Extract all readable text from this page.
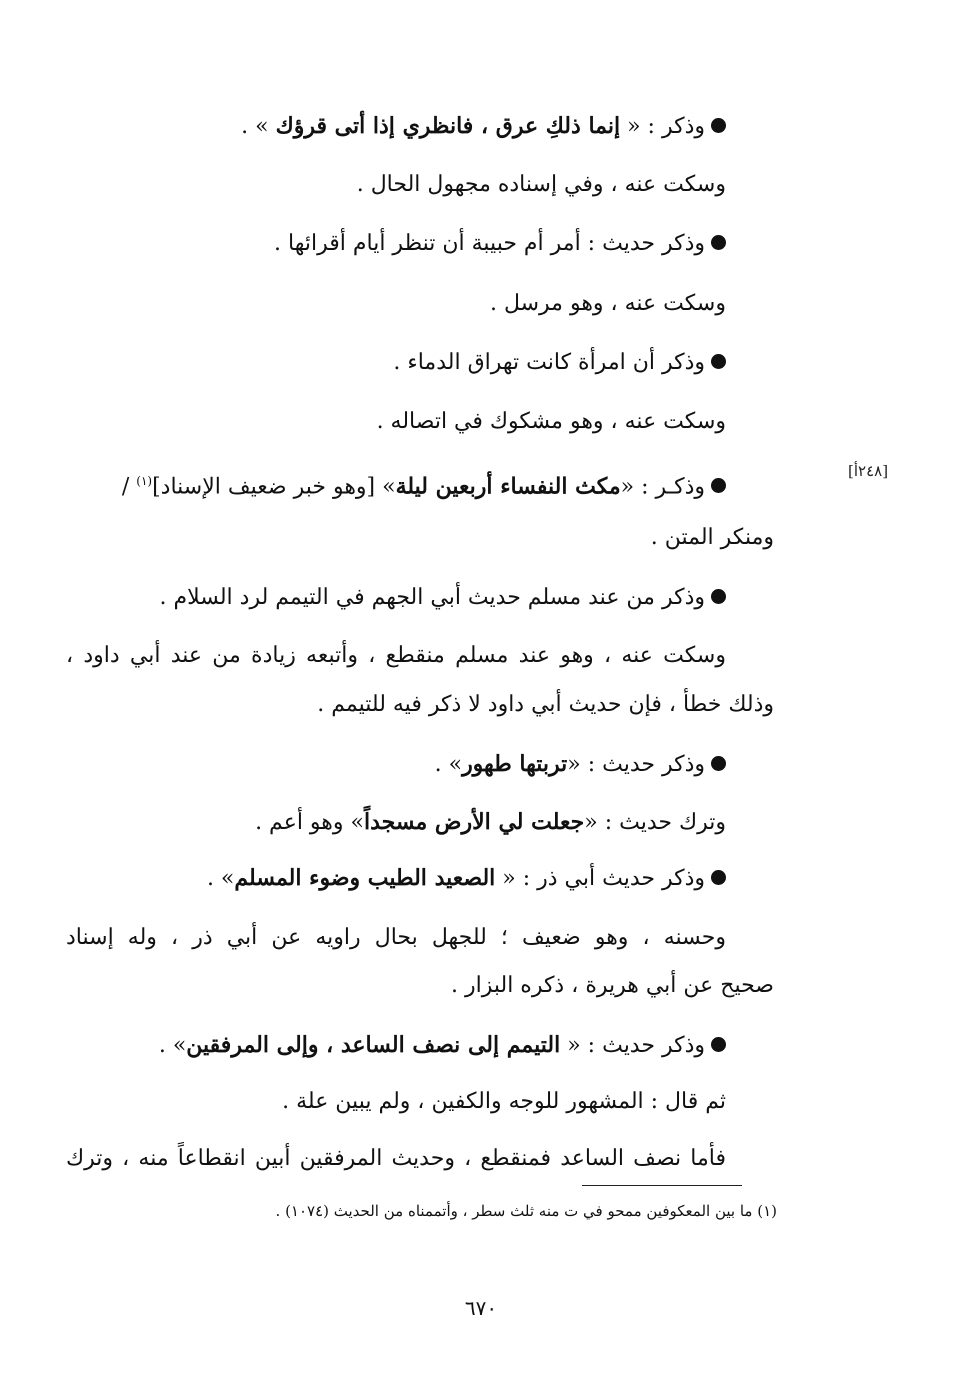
[٢٤٨أ]
وذكر : « إنما ذلكِ عرق ، فانظري إذا أتى قرؤك » .
وسكت عنه ، وفي إسناده مجهول الحال .
وذكر حديث : أمر أم حبيبة أن تنظر أيام أقرائها .
وسكت عنه ، وهو مرسل .
وذكر أن امرأة كانت تهراق الدماء .
وسكت عنه ، وهو مشكوك في اتصاله .
وذكـر : «مكث النفساء أربعين ليلة» [وهو خبر ضعيف الإسناد]$^{(١)}$ /
ومنكر المتن .
وذكر من عند مسلم حديث أبي الجهم في التيمم لرد السلام .
وسكت عنه ، وهو عند مسلم منقطع ، وأتبعه زيادة من عند أبي داود ،
وذلك خطأ ، فإن حديث أبي داود لا ذكر فيه للتيمم .
وذكر حديث : «تربتها طهور» .
وترك حديث : «جعلت لي الأرض مسجداً» وهو أعم .
وذكر حديث أبي ذر : « الصعيد الطيب وضوء المسلم» .
وحسنه ، وهو ضعيف ؛ للجهل بحال راويه عن أبي ذر ، وله إسناد
صحيح عن أبي هريرة ، ذكره البزار .
وذكر حديث : « التيمم إلى نصف الساعد ، وإلى المرفقين» .
ثم قال : المشهور للوجه والكفين ، ولم يبين علة .
فأما نصف الساعد فمنقطع ، وحديث المرفقين أبين انقطاعاً منه ، وترك
(١) ما بين المعكوفين ممحو في ت منه ثلث سطر ، وأتممناه من الحديث (١٠٧٤) .
٦٧٠
